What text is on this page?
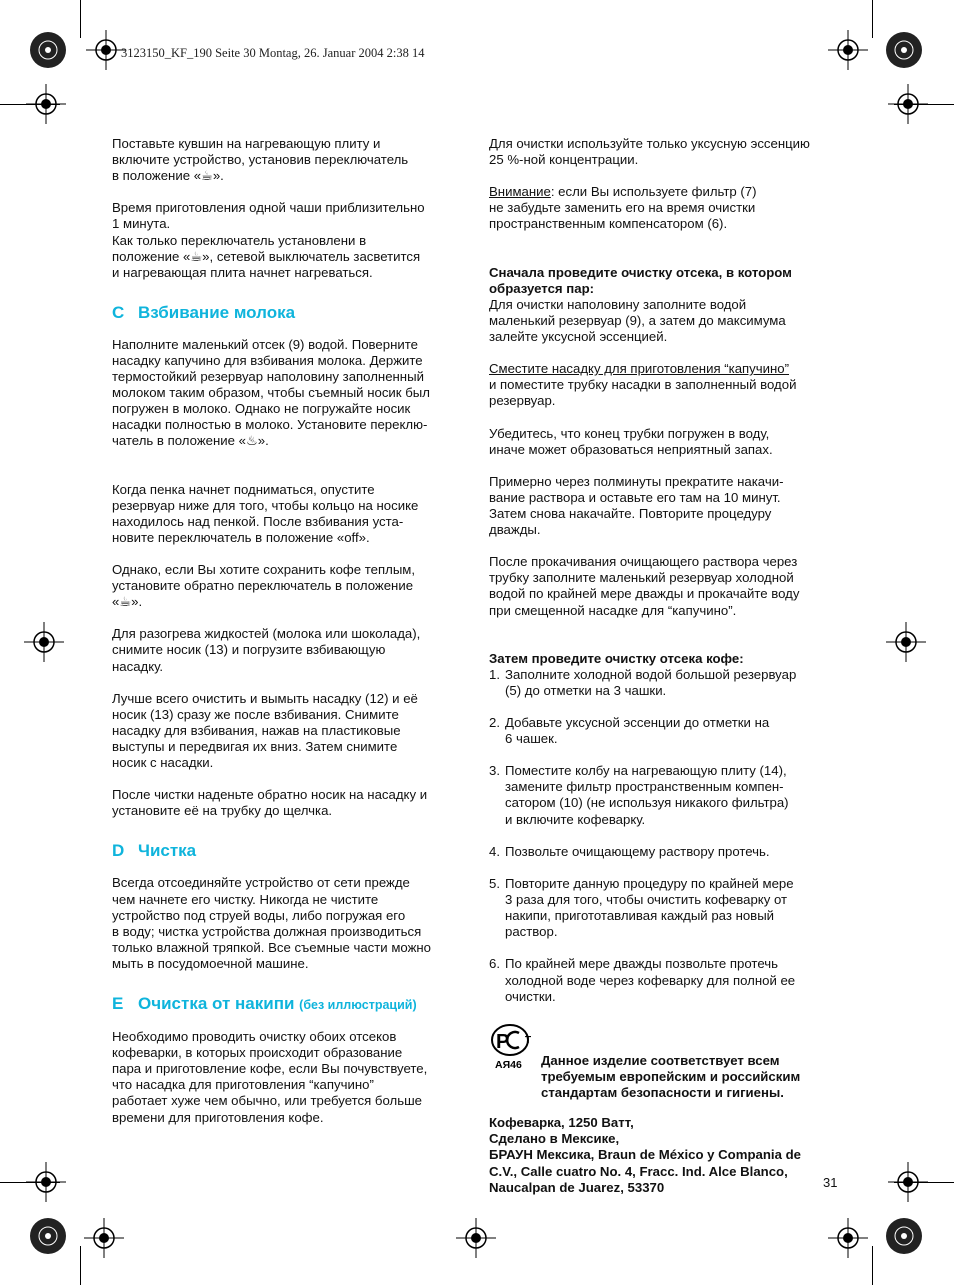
3123150_KF_190 Seite 30 Montag, 26. Januar 2004 2:38 14

Поставьте кувшин на нагревающую плиту и
включите устройство, установив переключатель
в положение «☕».

Время приготовления одной чаши приблизительно
1 минута.
Как только переключатель установлени в
положение «☕», сетевой выключатель засветится
и нагревающая плита начнет нагреваться.

C Взбивание молока

Наполните маленький отсек (9) водой. Поверните
насадку капучино для взбивания молока. Держите
термостойкий резервуар наполовину заполненный
молоком таким образом, чтобы съемный носик был
погружен в молоко. Однако не погружайте носик
насадки полностью в молоко. Установите переклю-
чатель в положение «♨».

Когда пенка начнет подниматься, опустите
резервуар ниже для того, чтобы кольцо на носике
находилось над пенкой. После взбивания уста-
новите переключатель в положение «off».

Однако, если Вы хотите сохранить кофе теплым,
установите обратно переключатель в положение
«☕».

Для разогрева жидкостей (молока или шоколада),
снимите носик (13) и погрузите взбивающую
насадку.

Лучше всего очистить и вымыть насадку (12) и её
носик (13) сразу же после взбивания. Снимите
насадку для взбивания, нажав на пластиковые
выступы и передвигая их вниз. Затем снимите
носик с насадки.

После чистки наденьте обратно носик на насадку и
установите её на трубку до щелчка.

D Чистка

Всегда отсоединяйте устройство от сети прежде
чем начнете его чистку. Никогда не чистите
устройство под струей воды, либо погружая его
в воду; чистка устройства должная производиться
только влажной тряпкой. Все съемные части можно
мыть в посудомоечной машине.

E Очистка от накипи (без иллюстраций)

Необходимо проводить очистку обоих отсеков
кофеварки, в которых происходит образование
пара и приготовление кофе, если Вы почувствуете,
что насадка для приготовления “капучино”
работает хуже чем обычно, или требуется больше
времени для приготовления кофе.

Для очистки используйте только уксусную эссенцию
25 %-ной концентрации.

Внимание: если Вы используете фильтр (7)
не забудьте заменить его на время очистки
пространственным компенсатором (6).

Сначала проведите очистку отсека, в котором
образуется пар:

Для очистки наполовину заполните водой
маленький резервуар (9), а затем до максимума
залейте уксусной эссенцией.

Сместите насадку для приготовления “капучино”
и поместите трубку насадки в заполненный водой
резервуар.

Убедитесь, что конец трубки погружен в воду,
иначе может образоваться неприятный запах.

Примерно через полминуты прекратите накачи-
вание раствора и оставьте его там на 10 минут.
Затем снова накачайте. Повторите процедуру
дважды.

После прокачивания очищающего раствора через
трубку заполните маленький резервуар холодной
водой по крайней мере дважды и прокачайте воду
при смещенной насадке для “капучино”.

Затем проведите очистку отсека кофе:

1. Заполните холодной водой большой резервуар
(5) до отметки на 3 чашки.
2. Добавьте уксусной эссенции до отметки на
6 чашек.
3. Поместите колбу на нагревающую плиту (14),
замените фильтр пространственным компен-
сатором (10) (не используя никакого фильтра)
и включите кофеварку.
4. Позвольте очищающему раствору протечь.
5. Повторите данную процедуру по крайней мере
3 раза для того, чтобы очистить кофеварку от
накипи, пригототавливая каждый раз новый
раствор.
6. По крайней мере дважды позвольте протечь
холодной воде через кофеварку для полной ее
очистки.

P T
АЯ46 Данное изделие соответствует всем
требуемым европейским и российским
стандартам безопасности и гигиены.

Кофеварка, 1250 Ватт,
Сделано в Мексике,
БРАУН Мексика, Braun de México y Compania de
C.V., Calle cuatro No. 4, Fracc. Ind. Alce Blanco,
Naucalpan de Juarez, 53370	31
